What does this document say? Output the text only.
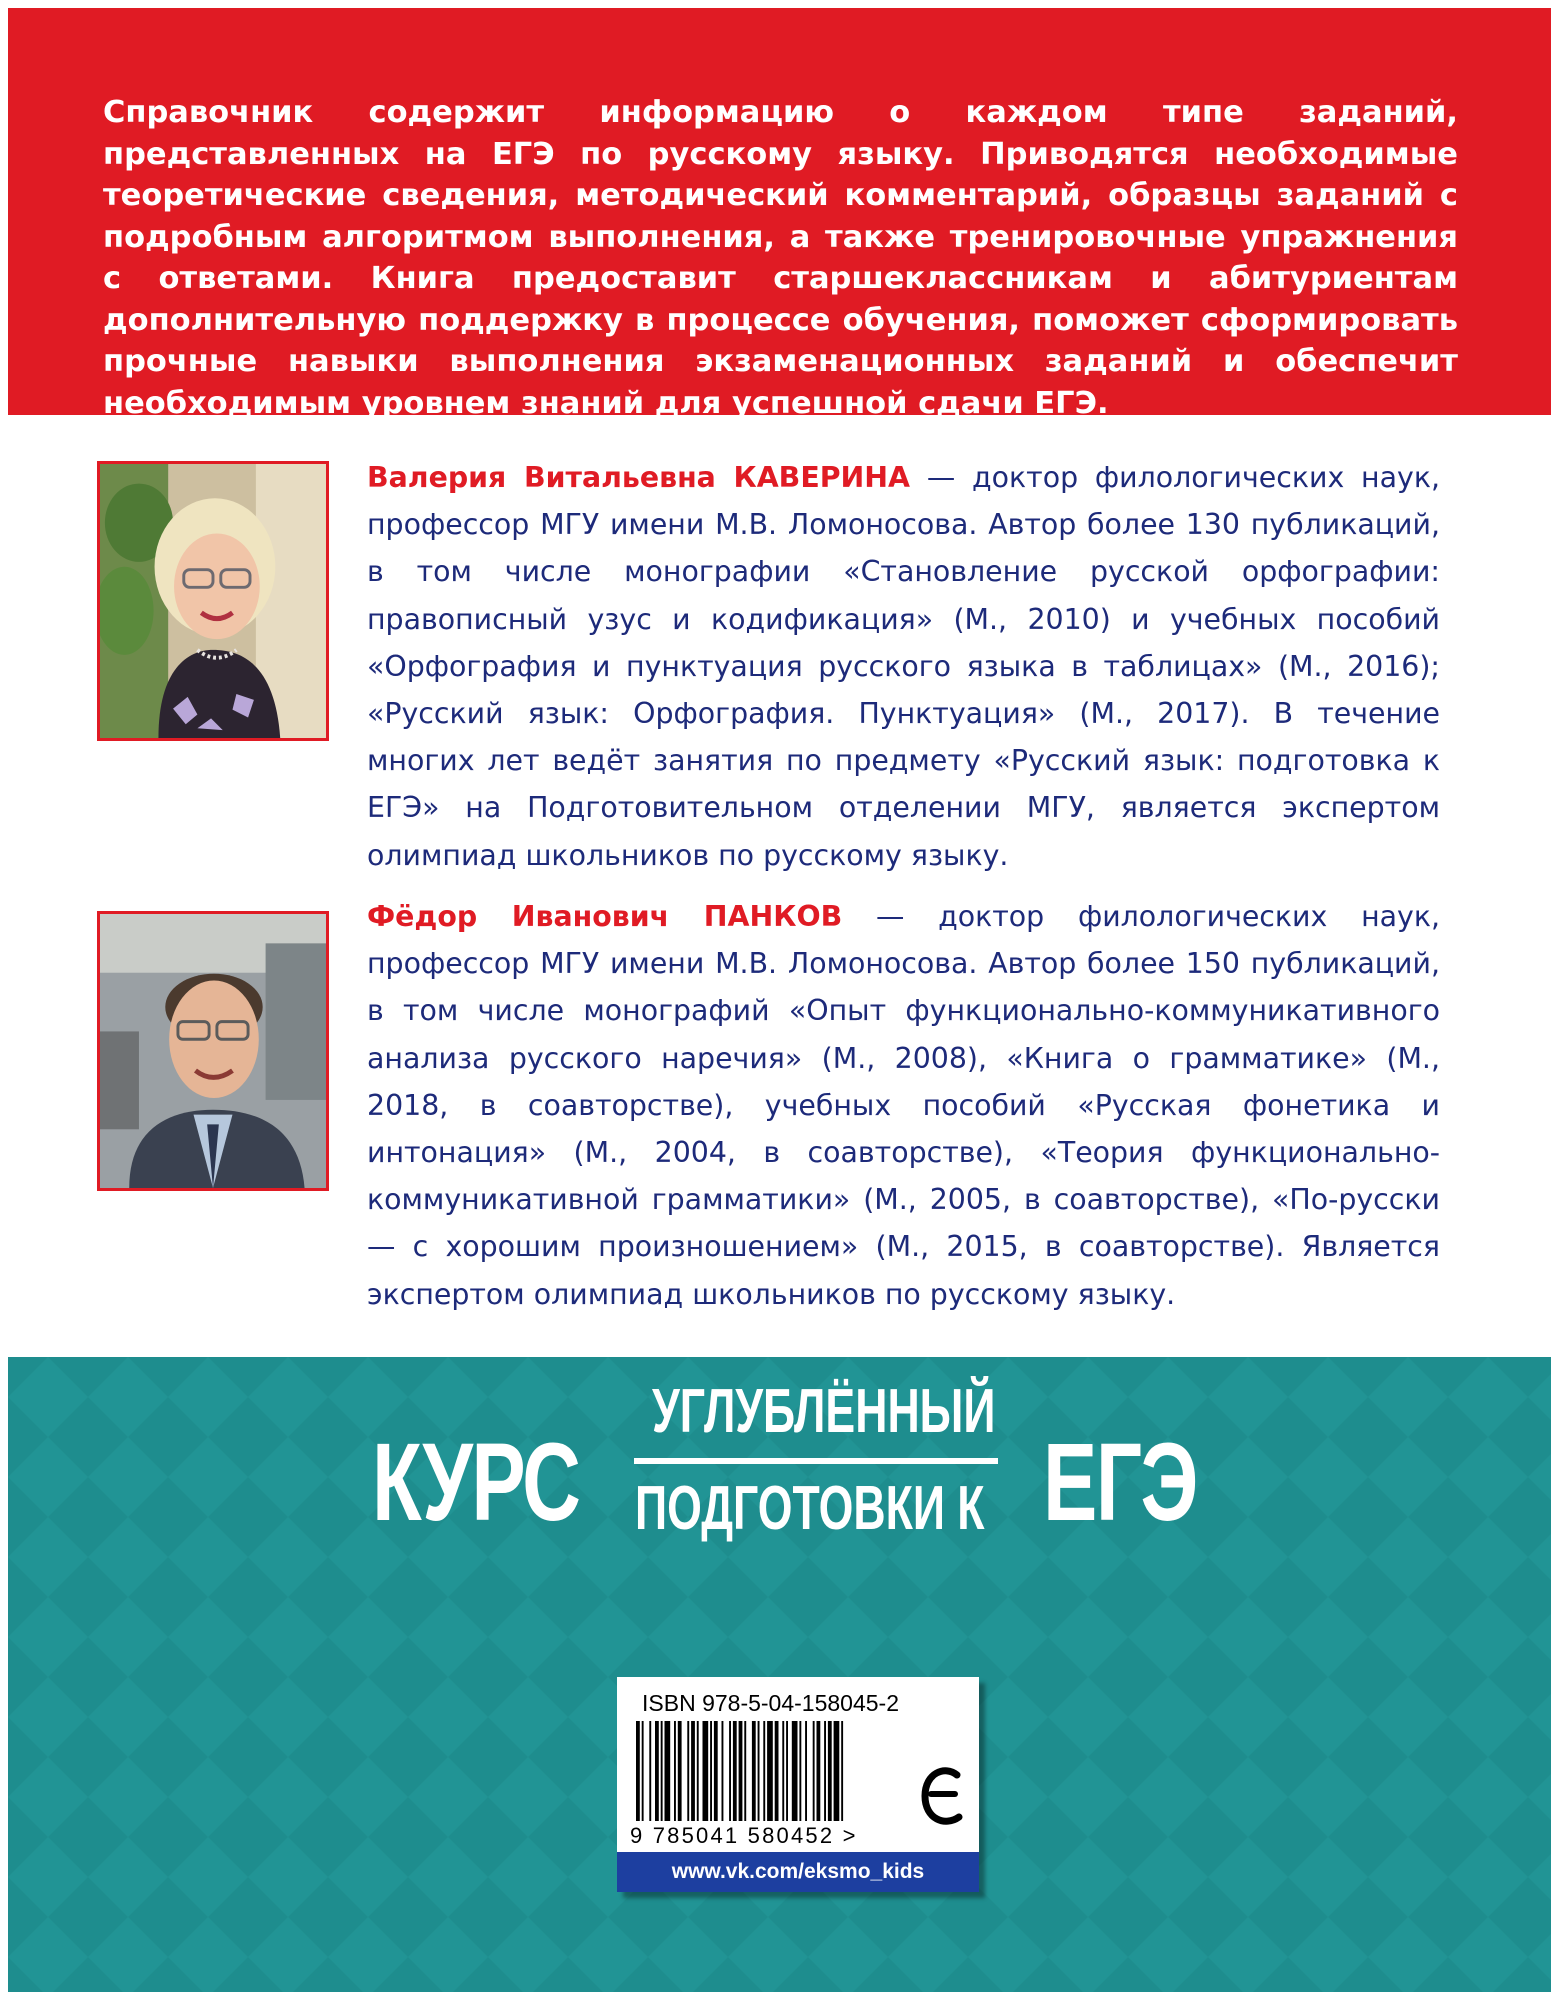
Справочник содержит информацию о каждом типе заданий, представленных на ЕГЭ по русскому языку. Приводятся необходимые теоретические сведения, методический комментарий, образцы заданий с подробным алгоритмом выполнения, а также тренировочные упражнения с ответами. Книга предоставит старшеклассникам и абитуриентам дополнительную поддержку в процессе обучения, поможет сформировать прочные навыки выполнения экзаменационных заданий и обеспечит необходимым уровнем знаний для успешной сдачи ЕГЭ.

Валерия Витальевна КАВЕРИНА — доктор филологических наук, профессор МГУ имени М.В. Ломоносова. Автор более 130 публикаций, в том числе монографии «Становление русской орфографии: правописный узус и кодификация» (М., 2010) и учебных пособий «Орфография и пунктуация русского языка в таблицах» (М., 2016); «Русский язык: Орфография. Пунктуация» (М., 2017). В течение многих лет ведёт занятия по предмету «Русский язык: подготовка к ЕГЭ» на Подготовительном отделении МГУ, является экспертом олимпиад школьников по русскому языку.

Фёдор Иванович ПАНКОВ — доктор филологических наук, профессор МГУ имени М.В. Ломоносова. Автор более 150 публикаций, в том числе монографий «Опыт функционально-коммуникативного анализа русского наречия» (М., 2008), «Книга о грамматике» (М., 2018, в соавторстве), учебных пособий «Русская фонетика и интонация» (М., 2004, в соавторстве), «Теория функционально-коммуникативной грамматики» (М., 2005, в соавторстве), «По-русски — с хорошим произношением» (М., 2015, в соавторстве). Является экспертом олимпиад школьников по русскому языку.

КУРС
УГЛУБЛЁННЫЙ
ПОДГОТОВКИ К ЕГЭ
ISBN 978-5-04-158045-2
9 785041 580452 >
www.vk.com/eksmo_kids
